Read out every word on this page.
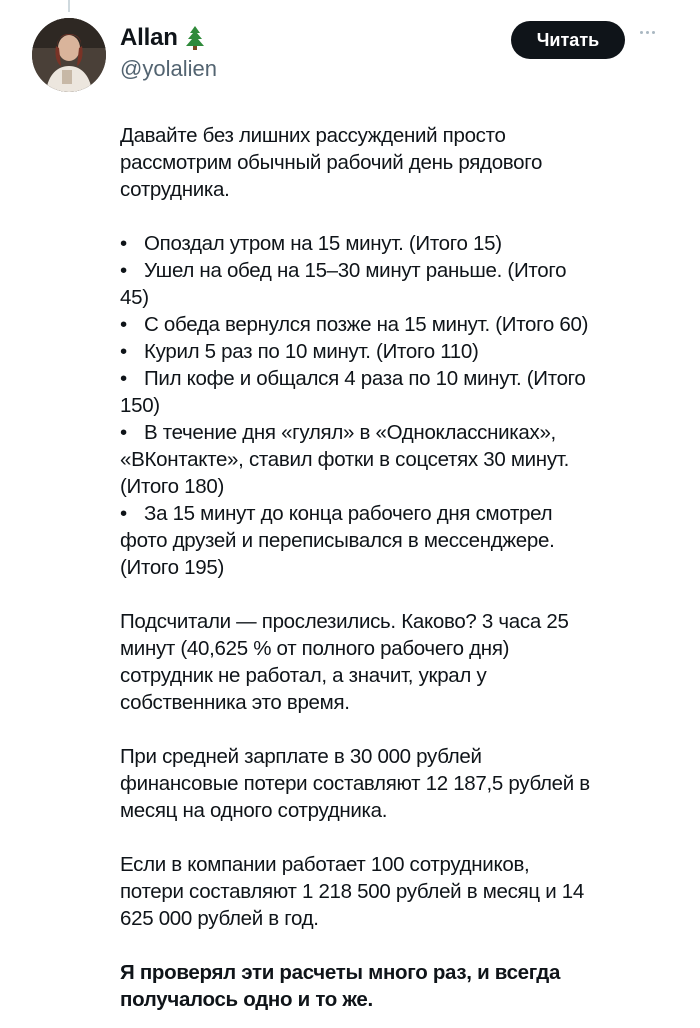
Allan
@yolalien
Читать

Давайте без лишних рассуждений просто рассмотрим обычный рабочий день рядового сотрудника.

• Опоздал утром на 15 минут. (Итого 15)
• Ушел на обед на 15–30 минут раньше. (Итого 45)
• С обеда вернулся позже на 15 минут. (Итого 60)
• Курил 5 раз по 10 минут. (Итого 110)
• Пил кофе и общался 4 раза по 10 минут. (Итого 150)
• В течение дня «гулял» в «Одноклассниках», «ВКонтакте», ставил фотки в соцсетях 30 минут. (Итого 180)
• За 15 минут до конца рабочего дня смотрел фото друзей и переписывался в мессенджере. (Итого 195)

Подсчитали — прослезились. Каково? 3 часа 25 минут (40,625 % от полного рабочего дня) сотрудник не работал, а значит, украл у собственника это время.

При средней зарплате в 30 000 рублей финансовые потери составляют 12 187,5 рублей в месяц на одного сотрудника.

Если в компании работает 100 сотрудников, потери составляют 1 218 500 рублей в месяц и 14 625 000 рублей в год.

Я проверял эти расчеты много раз, и всегда получалось одно и то же.
